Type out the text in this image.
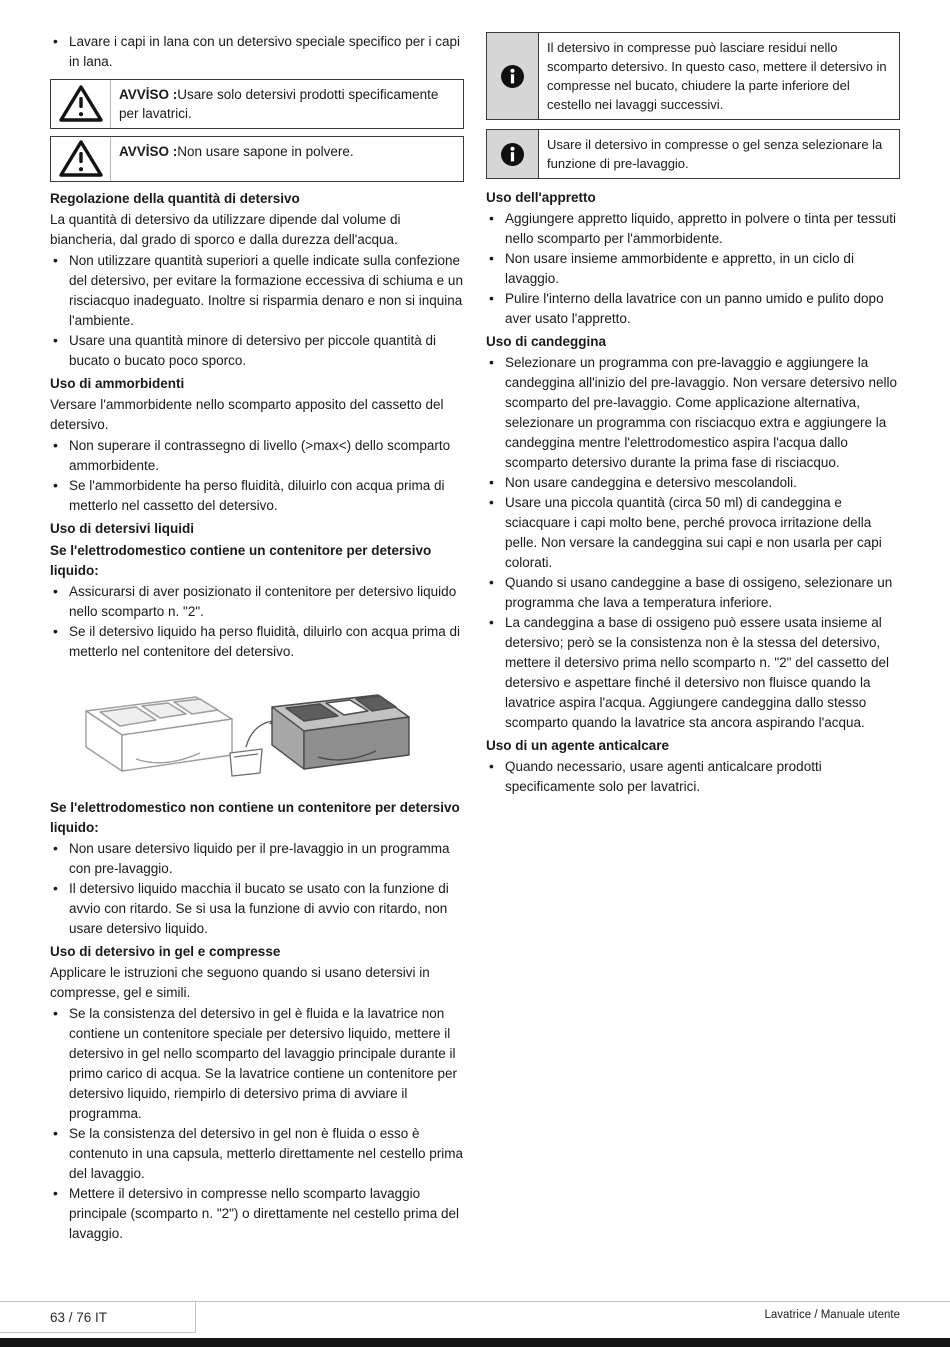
• Lavare i capi in lana con un detersivo speciale specifico per i capi in lana.
AVVİSO :Usare solo detersivi prodotti specificamente per lavatrici.
AVVİSO :Non usare sapone in polvere.
Regolazione della quantità di detersivo

La quantità di detersivo da utilizzare dipende dal volume di biancheria, dal grado di sporco e dalla durezza dell'acqua.

• Non utilizzare quantità superiori a quelle indicate sulla confezione del detersivo, per evitare la formazione eccessiva di schiuma e un risciacquo inadeguato. Inoltre si risparmia denaro e non si inquina l'ambiente.
• Usare una quantità minore di detersivo per piccole quantità di bucato o bucato poco sporco.
Uso di ammorbidenti

Versare l'ammorbidente nello scomparto apposito del cassetto del detersivo.

• Non superare il contrassegno di livello (>max<) dello scomparto ammorbidente.
• Se l'ammorbidente ha perso fluidità, diluirlo con acqua prima di metterlo nel cassetto del detersivo.
Uso di detersivi liquidi
Se l'elettrodomestico contiene un contenitore per detersivo liquido:
• Assicurarsi di aver posizionato il contenitore per detersivo liquido nello scomparto n. "2".
• Se il detersivo liquido ha perso fluidità, diluirlo con acqua prima di metterlo nel contenitore del detersivo.
Se l'elettrodomestico non contiene un contenitore per detersivo liquido:
• Non usare detersivo liquido per il pre-lavaggio in un programma con pre-lavaggio.
• Il detersivo liquido macchia il bucato se usato con la funzione di avvio con ritardo. Se si usa la funzione di avvio con ritardo, non usare detersivo liquido.
Uso di detersivo in gel e compresse

Applicare le istruzioni che seguono quando si usano detersivi in compresse, gel e simili.

• Se la consistenza del detersivo in gel è fluida e la lavatrice non contiene un contenitore speciale per detersivo liquido, mettere il detersivo in gel nello scomparto del lavaggio principale durante il primo carico di acqua. Se la lavatrice contiene un contenitore per detersivo liquido, riempirlo di detersivo prima di avviare il programma.
• Se la consistenza del detersivo in gel non è fluida o esso è contenuto in una capsula, metterlo direttamente nel cestello prima del lavaggio.
• Mettere il detersivo in compresse nello scomparto lavaggio principale (scomparto n. "2") o direttamente nel cestello prima del lavaggio.
Il detersivo in compresse può lasciare residui nello scomparto detersivo. In questo caso, mettere il detersivo in compresse nel bucato, chiudere la parte inferiore del cestello nei lavaggi successivi.
Usare il detersivo in compresse o gel senza selezionare la funzione di pre-lavaggio.
Uso dell'appretto
• Aggiungere appretto liquido, appretto in polvere o tinta per tessuti nello scomparto per l'ammorbidente.
• Non usare insieme ammorbidente e appretto, in un ciclo di lavaggio.
• Pulire l'interno della lavatrice con un panno umido e pulito dopo aver usato l'appretto.
Uso di candeggina
• Selezionare un programma con pre-lavaggio e aggiungere la candeggina all'inizio del pre-lavaggio. Non versare detersivo nello scomparto del pre-lavaggio. Come applicazione alternativa, selezionare un programma con risciacquo extra e aggiungere la candeggina mentre l'elettrodomestico aspira l'acqua dallo scomparto detersivo durante la prima fase di risciacquo.
• Non usare candeggina e detersivo mescolandoli.
• Usare una piccola quantità (circa 50 ml) di candeggina e sciacquare i capi molto bene, perché provoca irritazione della pelle. Non versare la candeggina sui capi e non usarla per capi colorati.
• Quando si usano candeggine a base di ossigeno, selezionare un programma che lava a temperatura inferiore.
• La candeggina a base di ossigeno può essere usata insieme al detersivo; però se la consistenza non è la stessa del detersivo, mettere il detersivo prima nello scomparto n. "2" del cassetto del detersivo e aspettare finché il detersivo non fluisce quando la lavatrice aspira l'acqua. Aggiungere candeggina dallo stesso scomparto quando la lavatrice sta ancora aspirando l'acqua.
Uso di un agente anticalcare
• Quando necessario, usare agenti anticalcare prodotti specificamente solo per lavatrici.
63 / 76 IT	Lavatrice / Manuale utente
